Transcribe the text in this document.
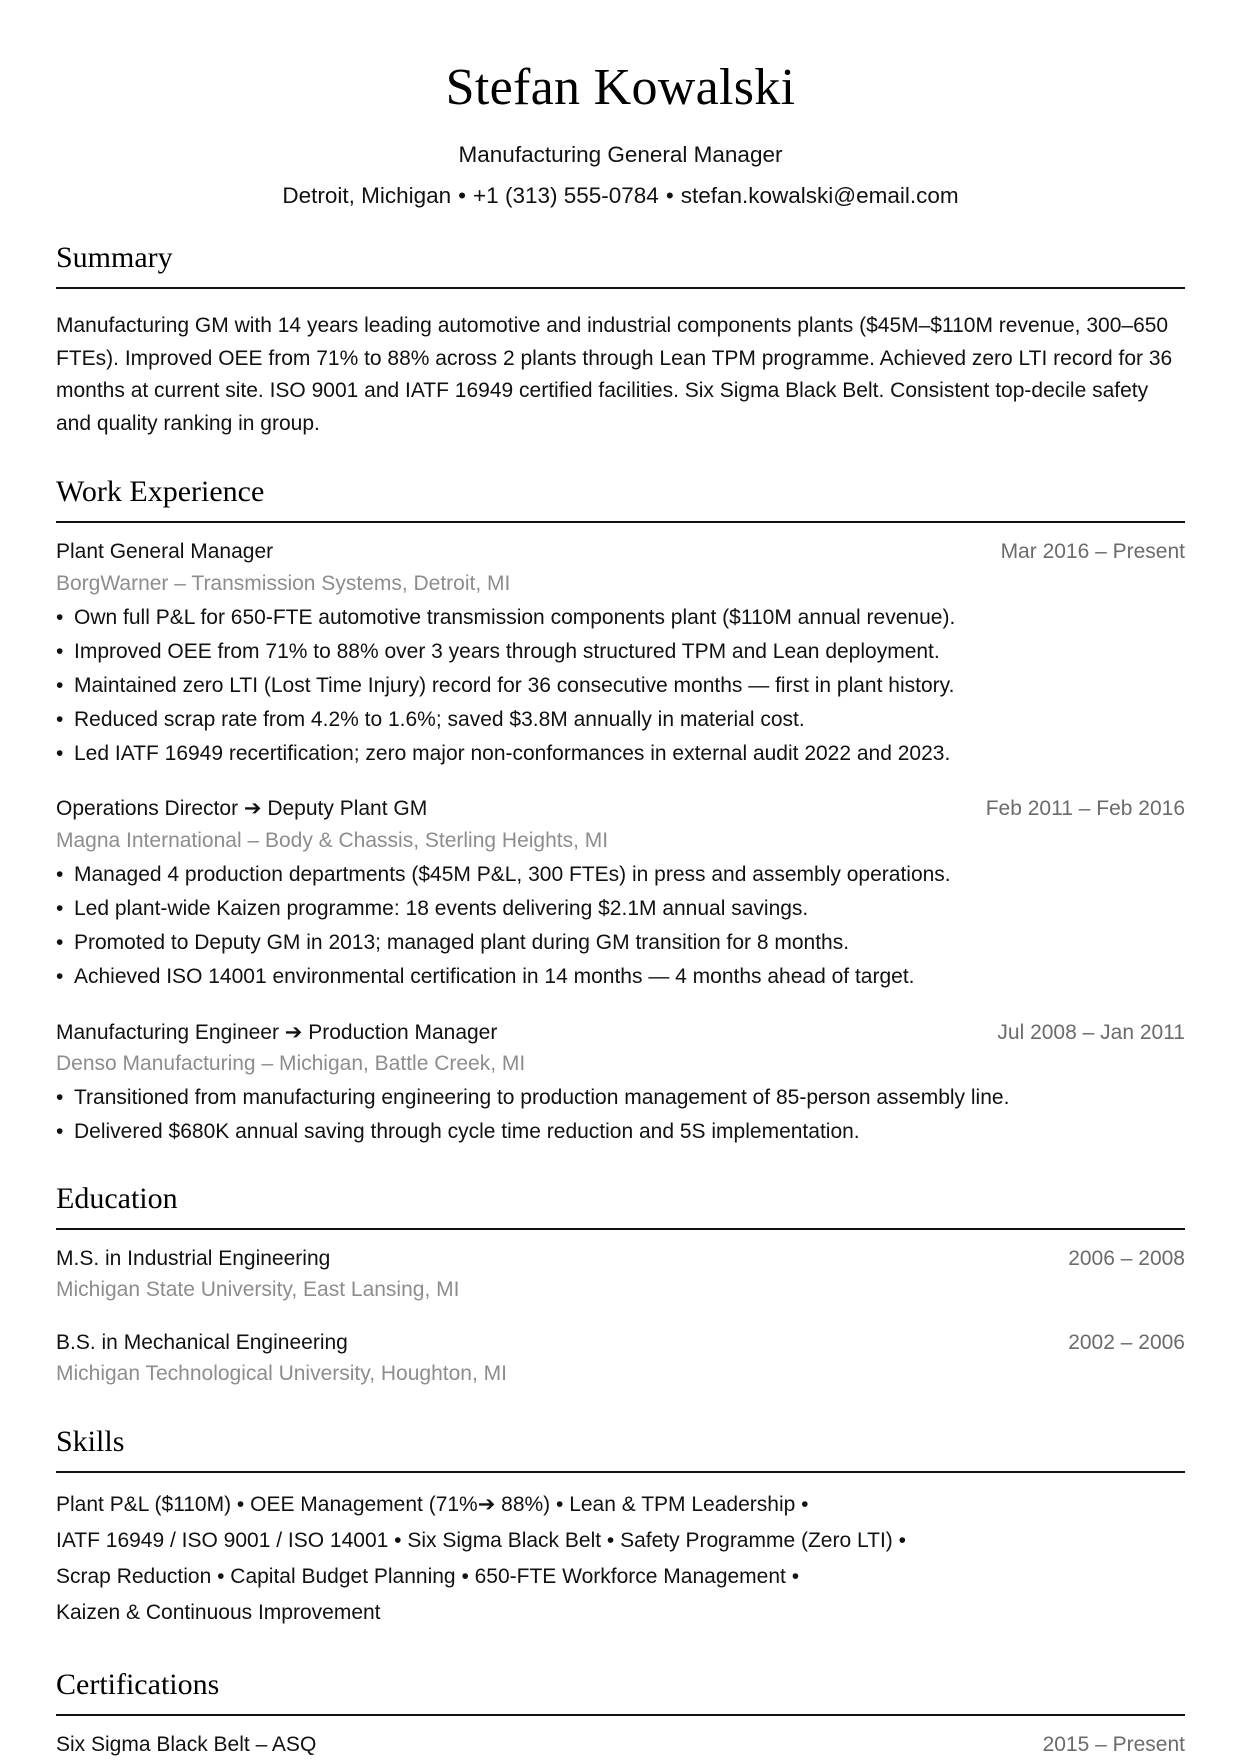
Stefan Kowalski
Manufacturing General Manager
Detroit, Michigan • +1 (313) 555-0784 • stefan.kowalski@email.com
Summary

Manufacturing GM with 14 years leading automotive and industrial components plants ($45M–$110M revenue, 300–650 FTEs). Improved OEE from 71% to 88% across 2 plants through Lean TPM programme. Achieved zero LTI record for 36 months at current site. ISO 9001 and IATF 16949 certified facilities. Six Sigma Black Belt. Consistent top-decile safety and quality ranking in group.

Work Experience
Plant General Manager	Mar 2016 – Present
BorgWarner – Transmission Systems, Detroit, MI
• Own full P&L for 650-FTE automotive transmission components plant ($110M annual revenue).
• Improved OEE from 71% to 88% over 3 years through structured TPM and Lean deployment.
• Maintained zero LTI (Lost Time Injury) record for 36 consecutive months — first in plant history.
• Reduced scrap rate from 4.2% to 1.6%; saved $3.8M annually in material cost.
• Led IATF 16949 recertification; zero major non-conformances in external audit 2022 and 2023.
Operations Director ➔ Deputy Plant GM	Feb 2011 – Feb 2016
Magna International – Body & Chassis, Sterling Heights, MI
• Managed 4 production departments ($45M P&L, 300 FTEs) in press and assembly operations.
• Led plant-wide Kaizen programme: 18 events delivering $2.1M annual savings.
• Promoted to Deputy GM in 2013; managed plant during GM transition for 8 months.
• Achieved ISO 14001 environmental certification in 14 months — 4 months ahead of target.
Manufacturing Engineer ➔ Production Manager	Jul 2008 – Jan 2011
Denso Manufacturing – Michigan, Battle Creek, MI
• Transitioned from manufacturing engineering to production management of 85-person assembly line.
• Delivered $680K annual saving through cycle time reduction and 5S implementation.
Education
M.S. in Industrial Engineering	2006 – 2008
Michigan State University, East Lansing, MI
B.S. in Mechanical Engineering	2002 – 2006
Michigan Technological University, Houghton, MI
Skills
Plant P&L ($110M) • OEE Management (71%➔ 88%) • Lean & TPM Leadership •
IATF 16949 / ISO 9001 / ISO 14001 • Six Sigma Black Belt • Safety Programme (Zero LTI) •
Scrap Reduction • Capital Budget Planning • 650-FTE Workforce Management •
Kaizen & Continuous Improvement
Certifications
Six Sigma Black Belt – ASQ	2015 – Present
